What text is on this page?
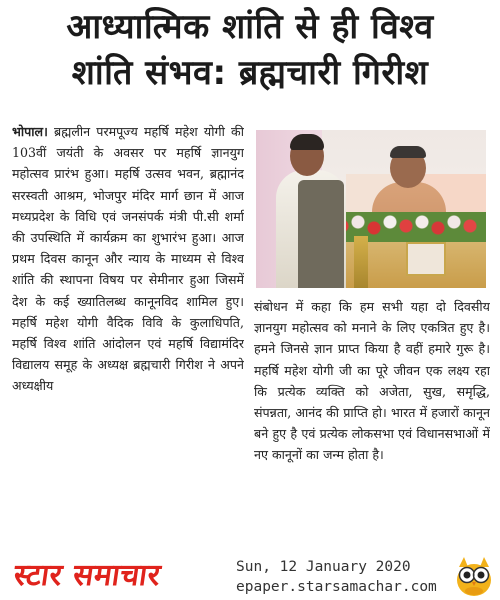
आध्यात्मिक शांति से ही विश्व
शांति संभव: ब्रह्मचारी गिरीश
भोपाल। ब्रह्मलीन परमपूज्य महर्षि महेश योगी की 103वीं जयंती के अवसर पर महर्षि ज्ञानयुग महोत्सव प्रारंभ हुआ। महर्षि उत्सव भवन, ब्रह्मानंद सरस्वती आश्रम, भोजपुर मंदिर मार्ग छान में आज मध्यप्रदेश के विधि एवं जनसंपर्क मंत्री पी.सी शर्मा की उपस्थिति में कार्यक्रम का शुभारंभ हुआ। आज प्रथम दिवस कानून और न्याय के माध्यम से विश्व शांति की स्थापना विषय पर सेमीनार हुआ जिसमें देश के कई ख्यातिलब्ध कानूनविद शामिल हुए। महर्षि महेश योगी वैदिक विवि के कुलाधिपति, महर्षि विश्व शांति आंदोलन एवं महर्षि विद्यामंदिर विद्यालय समूह के अध्यक्ष ब्रह्मचारी गिरीश ने अपने अध्यक्षीय
संबोधन में कहा कि हम सभी यहा दो दिवसीय ज्ञानयुग महोत्सव को मनाने के लिए एकत्रित हुए है। हमने जिनसे ज्ञान प्राप्त किया है वहीं हमारे गुरू है। महर्षि महेश योगी जी का पूरे जीवन एक लक्ष्य रहा कि प्रत्येक व्यक्ति को अजेता, सुख, समृद्धि, संपन्नता, आनंद की प्राप्ति हो। भारत में हजारों कानून बने हुए है एवं प्रत्येक लोकसभा एवं विधानसभाओं में नए कानूनों का जन्म होता है।
स्टार समाचार	Sun, 12 January 2020
epaper.starsamachar.com
